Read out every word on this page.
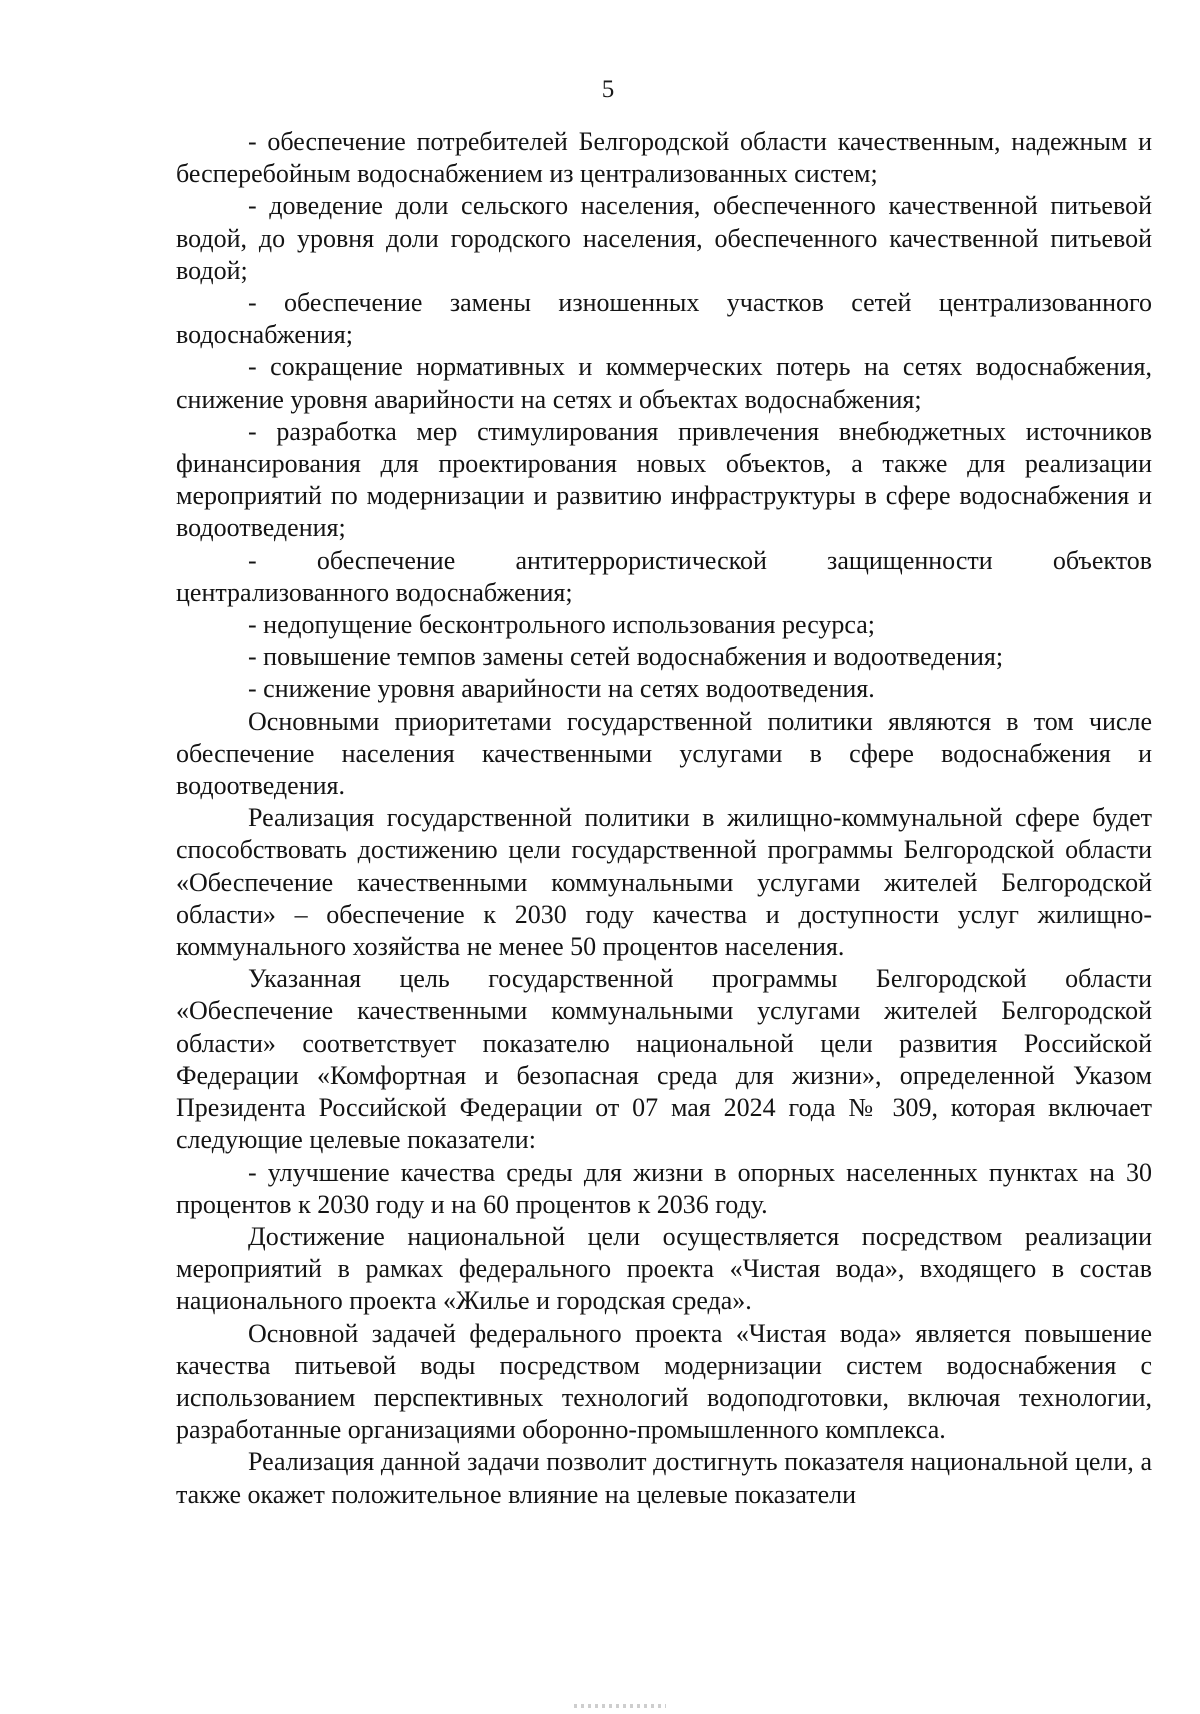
5

- обеспечение потребителей Белгородской области качественным, надежным и бесперебойным водоснабжением из централизованных систем;

- доведение доли сельского населения, обеспеченного качественной питьевой водой, до уровня доли городского населения, обеспеченного качественной питьевой водой;

- обеспечение замены изношенных участков сетей централизованного водоснабжения;

- сокращение нормативных и коммерческих потерь на сетях водоснабжения, снижение уровня аварийности на сетях и объектах водоснабжения;

- разработка мер стимулирования привлечения внебюджетных источников финансирования для проектирования новых объектов, а также для реализации мероприятий по модернизации и развитию инфраструктуры в сфере водоснабжения и водоотведения;

- обеспечение антитеррористической защищенности объектов централизованного водоснабжения;

- недопущение бесконтрольного использования ресурса;

- повышение темпов замены сетей водоснабжения и водоотведения;

- снижение уровня аварийности на сетях водоотведения.

Основными приоритетами государственной политики являются в том числе обеспечение населения качественными услугами в сфере водоснабжения и водоотведения.

Реализация государственной политики в жилищно-коммунальной сфере будет способствовать достижению цели государственной программы Белгородской области «Обеспечение качественными коммунальными услугами жителей Белгородской области» – обеспечение к 2030 году качества и доступности услуг жилищно-коммунального хозяйства не менее 50 процентов населения.

Указанная цель государственной программы Белгородской области «Обеспечение качественными коммунальными услугами жителей Белгородской области» соответствует показателю национальной цели развития Российской Федерации «Комфортная и безопасная среда для жизни», определенной Указом Президента Российской Федерации от 07 мая 2024 года № 309, которая включает следующие целевые показатели:

- улучшение качества среды для жизни в опорных населенных пунктах на 30 процентов к 2030 году и на 60 процентов к 2036 году.

Достижение национальной цели осуществляется посредством реализации мероприятий в рамках федерального проекта «Чистая вода», входящего в состав национального проекта «Жилье и городская среда».

Основной задачей федерального проекта «Чистая вода» является повышение качества питьевой воды посредством модернизации систем водоснабжения с использованием перспективных технологий водоподготовки, включая технологии, разработанные организациями оборонно-промышленного комплекса.

Реализация данной задачи позволит достигнуть показателя национальной цели, а также окажет положительное влияние на целевые показатели
